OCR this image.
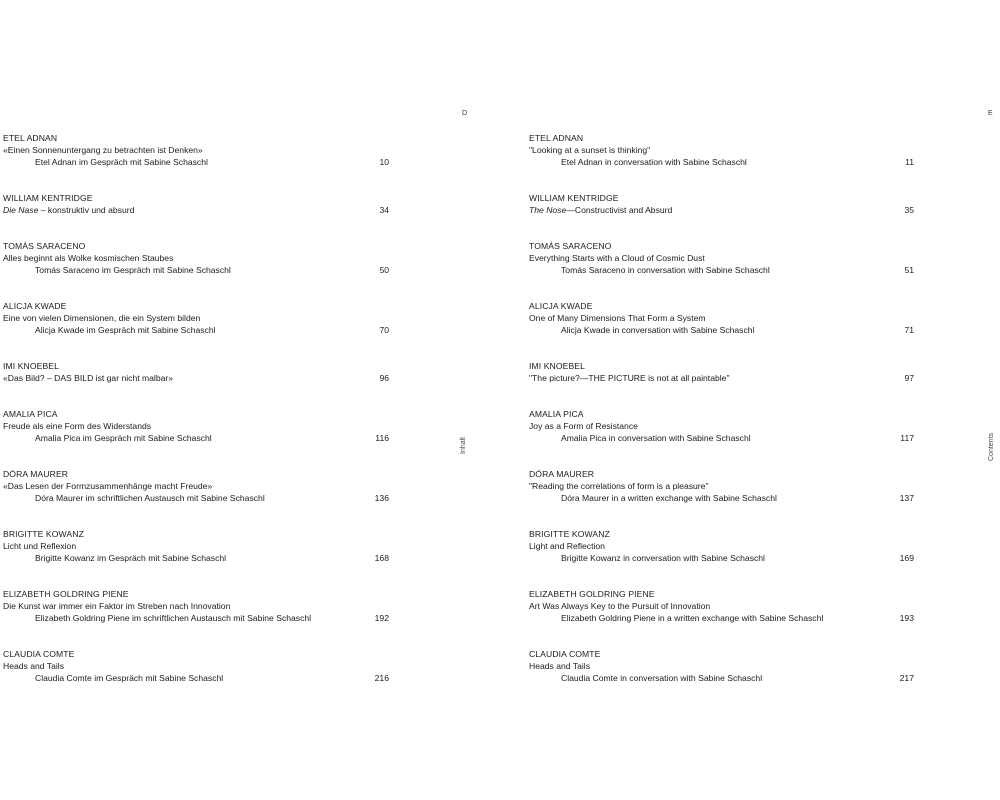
D
Inhalt
ETEL ADNAN
«Einen Sonnenuntergang zu betrachten ist Denken»
Etel Adnan im Gespräch mit Sabine Schaschl	10
WILLIAM KENTRIDGE
Die Nase – konstruktiv und absurd	34
TOMÁS SARACENO
Alles beginnt als Wolke kosmischen Staubes
Tomás Saraceno im Gespräch mit Sabine Schaschl	50
ALICJA KWADE
Eine von vielen Dimensionen, die ein System bilden
Alicja Kwade im Gespräch mit Sabine Schaschl	70
IMI KNOEBEL
«Das Bild? – DAS BILD ist gar nicht malbar»	96
AMALIA PICA
Freude als eine Form des Widerstands
Amalia Pica im Gespräch mit Sabine Schaschl	116
DÓRA MAURER
«Das Lesen der Formzusammenhänge macht Freude»
Dóra Maurer im schriftlichen Austausch mit Sabine Schaschl	136
BRIGITTE KOWANZ
Licht und Reflexion
Brigitte Kowanz im Gespräch mit Sabine Schaschl	168
ELIZABETH GOLDRING PIENE
Die Kunst war immer ein Faktor im Streben nach Innovation
Elizabeth Goldring Piene im schriftlichen Austausch mit Sabine Schaschl	192
CLAUDIA COMTE
Heads and Tails
Claudia Comte im Gespräch mit Sabine Schaschl	216
E
Contents
ETEL ADNAN
"Looking at a sunset is thinking"
Etel Adnan in conversation with Sabine Schaschl	11
WILLIAM KENTRIDGE
The Nose—Constructivist and Absurd	35
TOMÁS SARACENO
Everything Starts with a Cloud of Cosmic Dust
Tomás Saraceno in conversation with Sabine Schaschl	51
ALICJA KWADE
One of Many Dimensions That Form a System
Alicja Kwade in conversation with Sabine Schaschl	71
IMI KNOEBEL
"The picture?—THE PICTURE is not at all paintable"	97
AMALIA PICA
Joy as a Form of Resistance
Amalia Pica in conversation with Sabine Schaschl	117
DÓRA MAURER
"Reading the correlations of form is a pleasure"
Dóra Maurer in a written exchange with Sabine Schaschl	137
BRIGITTE KOWANZ
Light and Reflection
Brigitte Kowanz in conversation with Sabine Schaschl	169
ELIZABETH GOLDRING PIENE
Art Was Always Key to the Pursuit of Innovation
Elizabeth Goldring Piene in a written exchange with Sabine Schaschl	193
CLAUDIA COMTE
Heads and Tails
Claudia Comte in conversation with Sabine Schaschl	217
